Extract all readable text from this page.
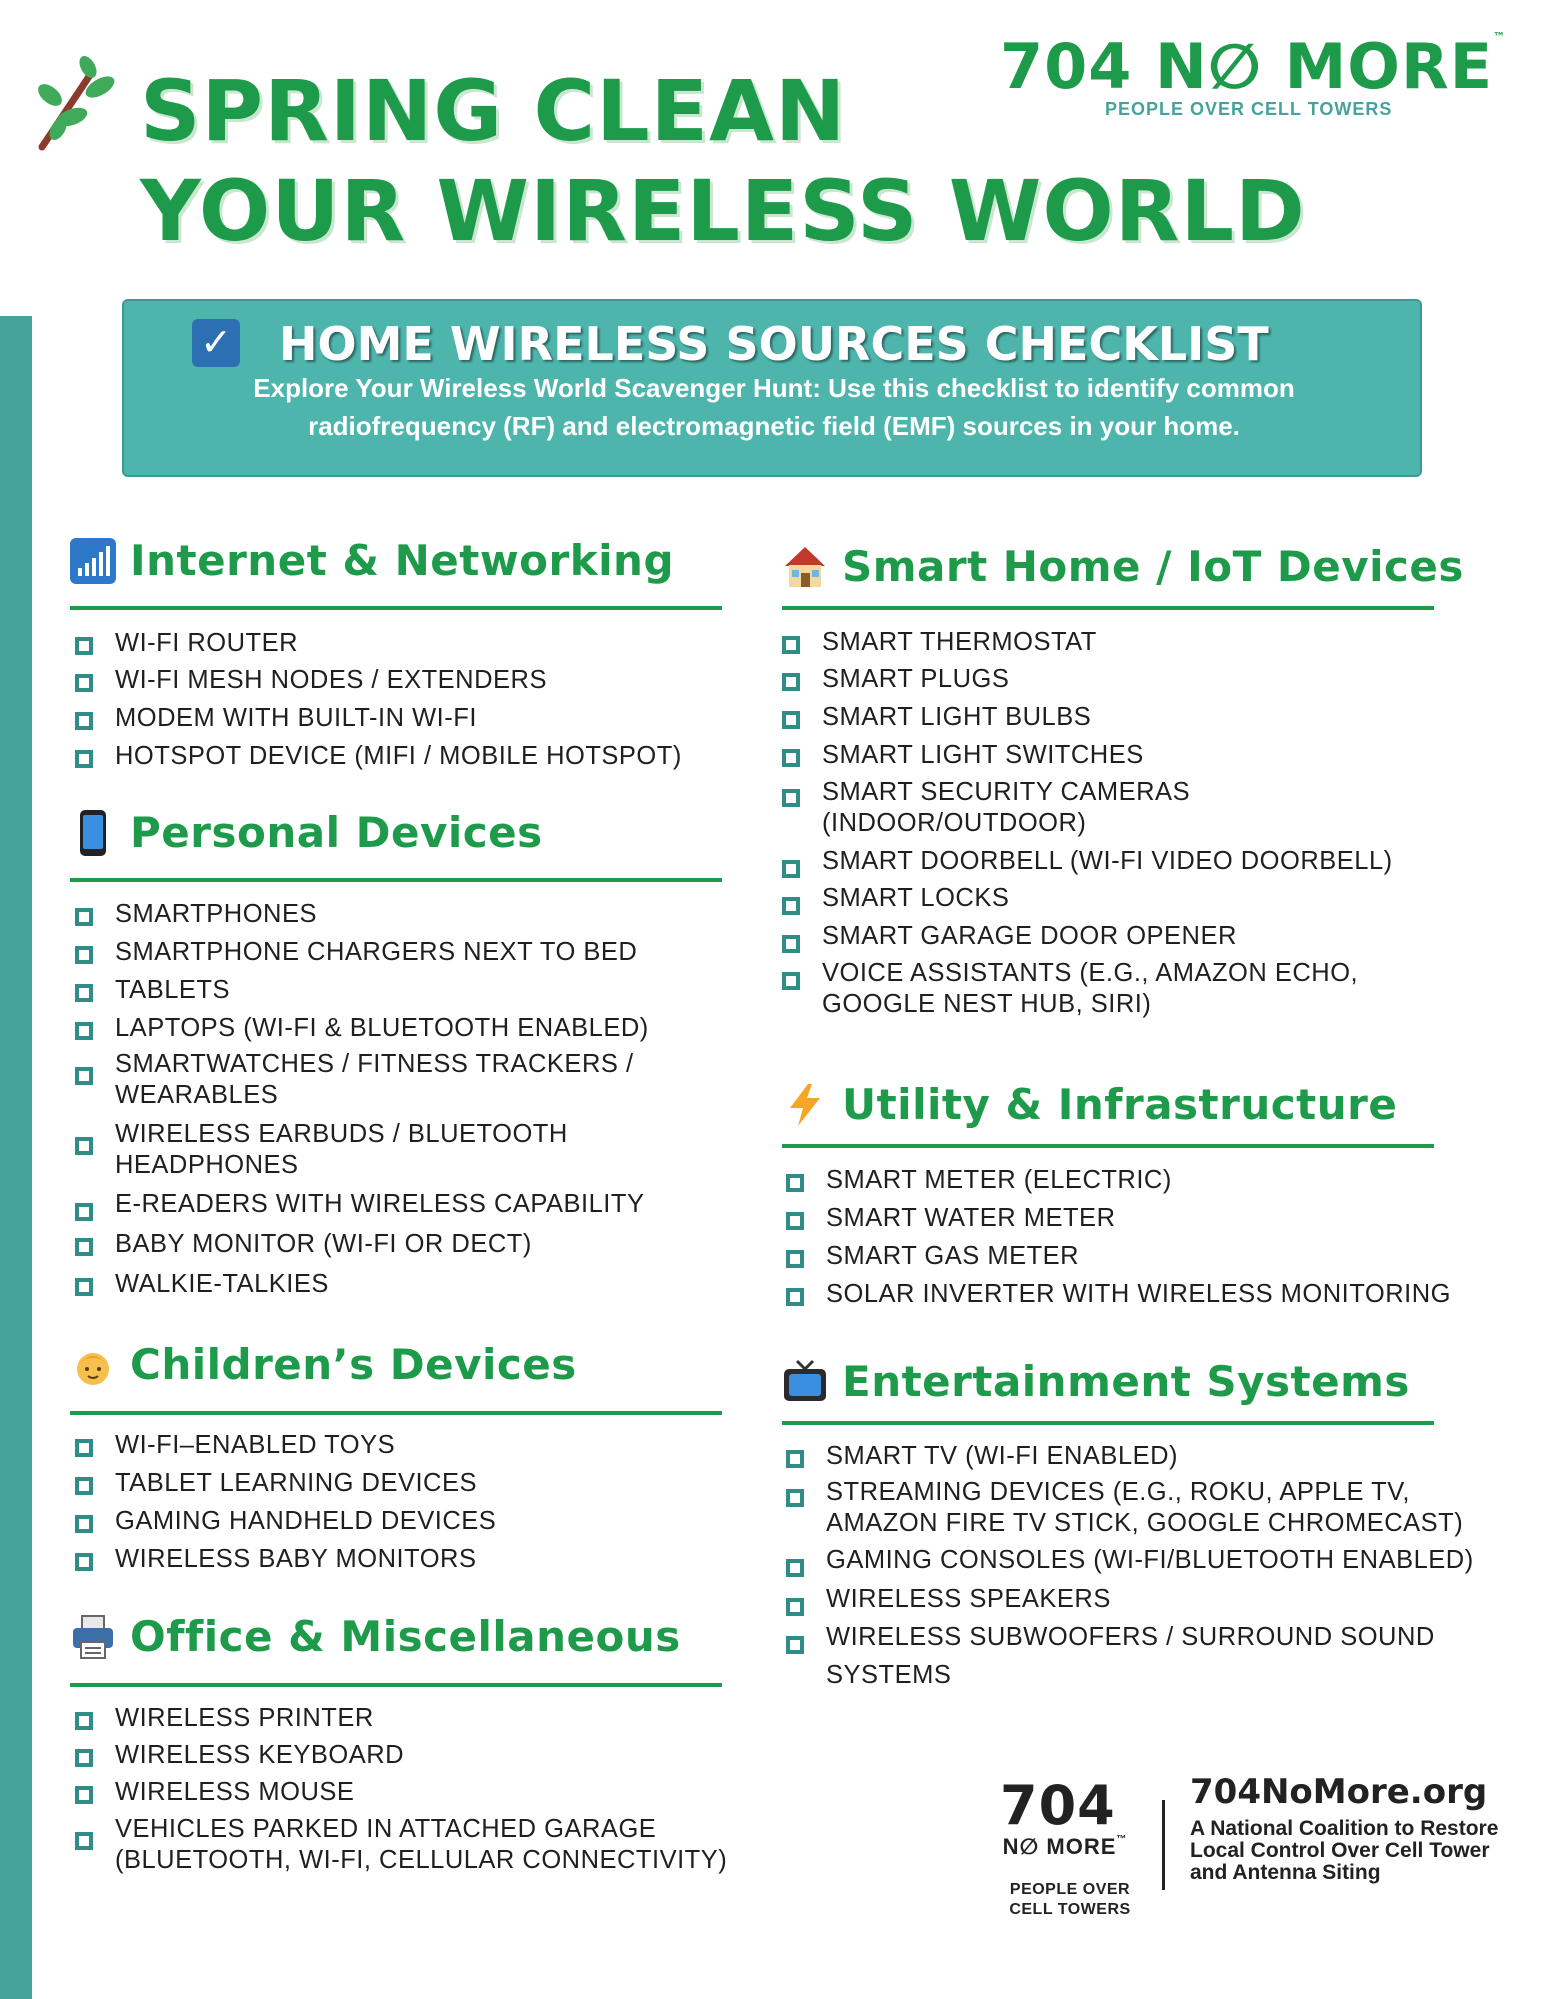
SPRING CLEAN
YOUR WIRELESS WORLD
704 N∅ MORE™
PEOPLE OVER CELL TOWERS
✓ HOME WIRELESS SOURCES CHECKLIST
Explore Your Wireless World Scavenger Hunt: Use this checklist to identify common radiofrequency (RF) and electromagnetic field (EMF) sources in your home.
Internet & Networking
WI-FI ROUTER
WI-FI MESH NODES / EXTENDERS
MODEM WITH BUILT-IN WI-FI
HOTSPOT DEVICE (MIFI / MOBILE HOTSPOT)
Personal Devices
SMARTPHONES
SMARTPHONE CHARGERS NEXT TO BED
TABLETS
LAPTOPS (WI-FI & BLUETOOTH ENABLED)
SMARTWATCHES / FITNESS TRACKERS /
WEARABLES
WIRELESS EARBUDS / BLUETOOTH
HEADPHONES
E-READERS WITH WIRELESS CAPABILITY
BABY MONITOR (WI-FI OR DECT)
WALKIE-TALKIES
Children’s Devices
WI-FI–ENABLED TOYS
TABLET LEARNING DEVICES
GAMING HANDHELD DEVICES
WIRELESS BABY MONITORS
Office & Miscellaneous
WIRELESS PRINTER
WIRELESS KEYBOARD
WIRELESS MOUSE
VEHICLES PARKED IN ATTACHED GARAGE
(BLUETOOTH, WI-FI, CELLULAR CONNECTIVITY)
Smart Home / IoT Devices
SMART THERMOSTAT
SMART PLUGS
SMART LIGHT BULBS
SMART LIGHT SWITCHES
SMART SECURITY CAMERAS
(INDOOR/OUTDOOR)
SMART DOORBELL (WI-FI VIDEO DOORBELL)
SMART LOCKS
SMART GARAGE DOOR OPENER
VOICE ASSISTANTS (E.G., AMAZON ECHO,
GOOGLE NEST HUB, SIRI)
Utility & Infrastructure
SMART METER (ELECTRIC)
SMART WATER METER
SMART GAS METER
SOLAR INVERTER WITH WIRELESS MONITORING
Entertainment Systems
SMART TV (WI-FI ENABLED)
STREAMING DEVICES (E.G., ROKU, APPLE TV,
AMAZON FIRE TV STICK, GOOGLE CHROMECAST)
GAMING CONSOLES (WI-FI/BLUETOOTH ENABLED)
WIRELESS SPEAKERS
WIRELESS SUBWOOFERS / SURROUND SOUND
SYSTEMS
704
N∅ MORE™
PEOPLE OVER CELL TOWERS
704NoMore.org
A National Coalition to Restore Local Control Over Cell Tower and Antenna Siting
